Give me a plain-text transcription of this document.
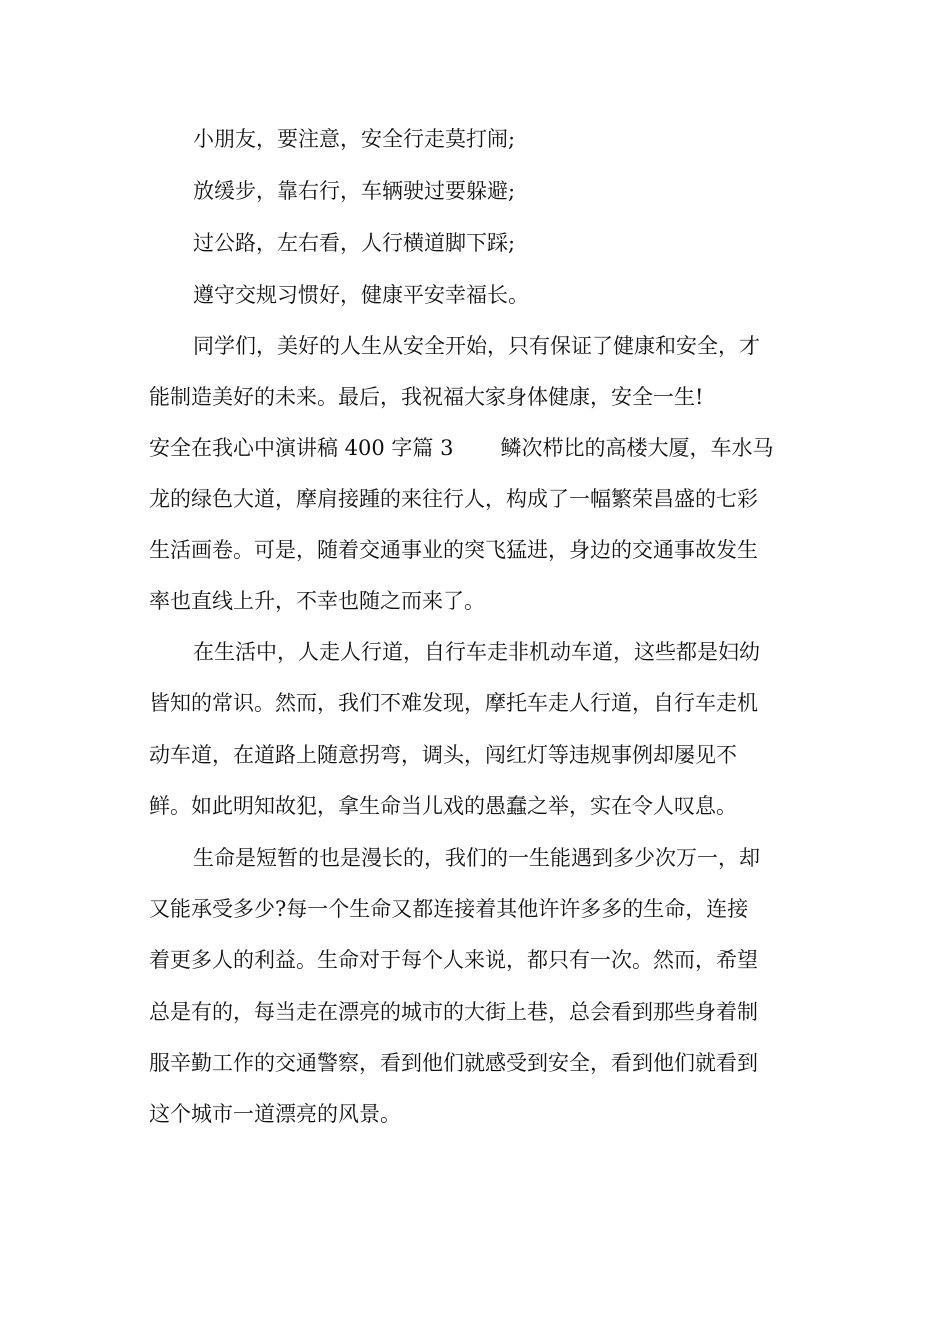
小朋友，要注意，安全行走莫打闹;
放缓步，靠右行，车辆驶过要躲避;
过公路，左右看，人行横道脚下踩;
遵守交规习惯好，健康平安幸福长。
同学们，美好的人生从安全开始，只有保证了健康和安全，才
能制造美好的未来。最后，我祝福大家身体健康，安全一生!
安全在我心中演讲稿 400 字篇 3 鳞次栉比的高楼大厦，车水马
龙的绿色大道，摩肩接踵的来往行人，构成了一幅繁荣昌盛的七彩
生活画卷。可是，随着交通事业的突飞猛进，身边的交通事故发生
率也直线上升，不幸也随之而来了。
在生活中，人走人行道，自行车走非机动车道，这些都是妇幼
皆知的常识。然而，我们不难发现，摩托车走人行道，自行车走机
动车道，在道路上随意拐弯，调头，闯红灯等违规事例却屡见不
鲜。如此明知故犯，拿生命当儿戏的愚蠢之举，实在令人叹息。
生命是短暂的也是漫长的，我们的一生能遇到多少次万一，却
又能承受多少?每一个生命又都连接着其他许许多多的生命，连接
着更多人的利益。生命对于每个人来说，都只有一次。然而，希望
总是有的，每当走在漂亮的城市的大街上巷，总会看到那些身着制
服辛勤工作的交通警察，看到他们就感受到安全，看到他们就看到
这个城市一道漂亮的风景。
